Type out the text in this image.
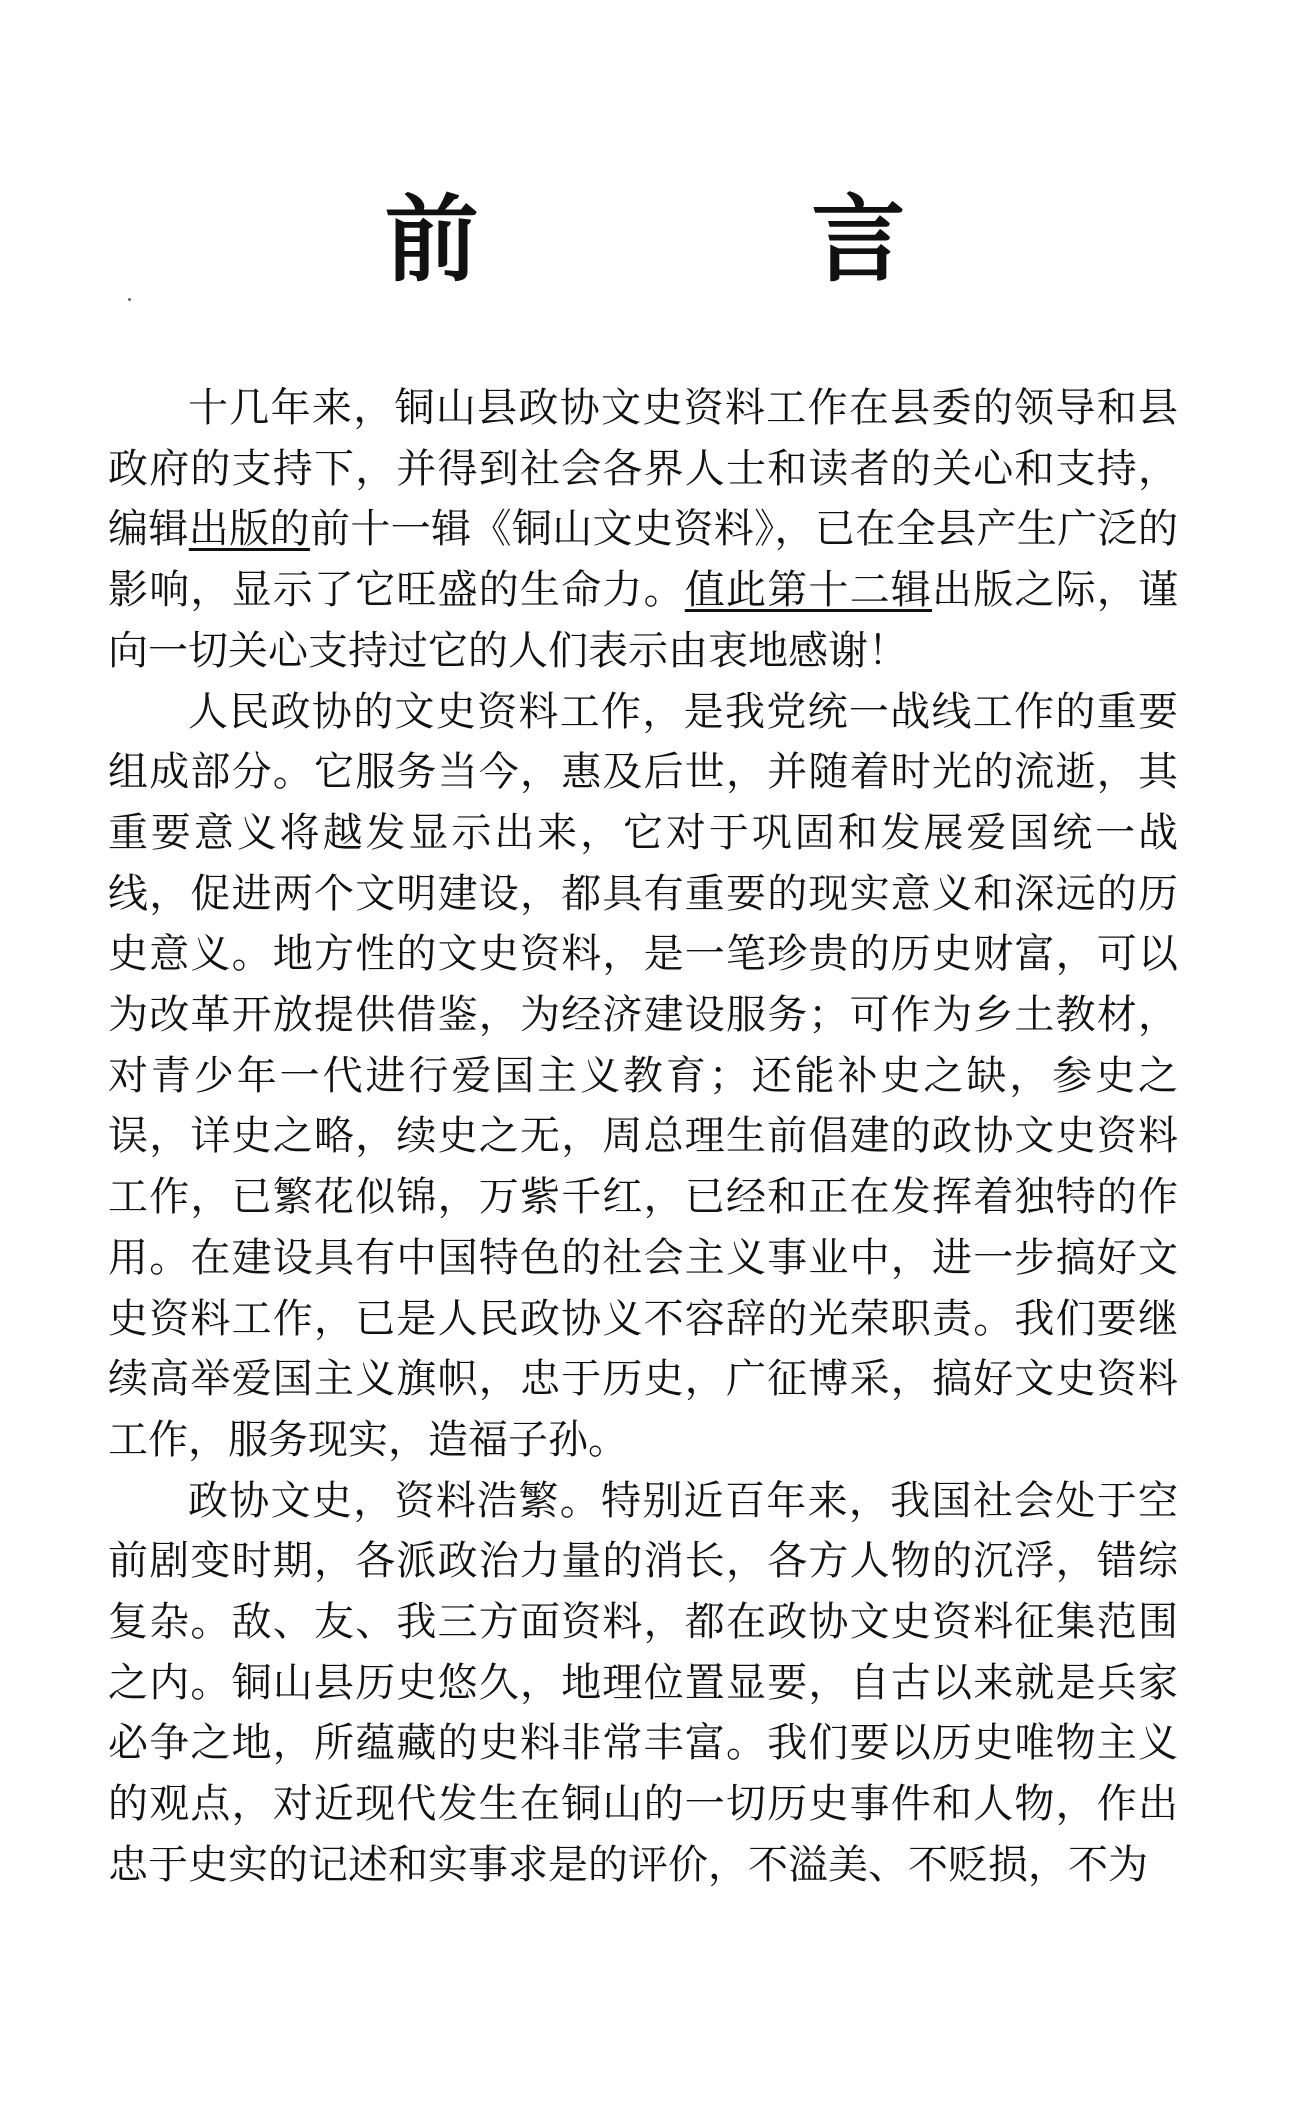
前 言

十几年来，铜山县政协文史资料工作在县委的领导和县政府的支持下，并得到社会各界人士和读者的关心和支持，编辑出版的前十一辑《铜山文史资料》，已在全县产生广泛的影响，显示了它旺盛的生命力。值此第十二辑出版之际，谨向一切关心支持过它的人们表示由衷地感谢！

人民政协的文史资料工作，是我党统一战线工作的重要组成部分。它服务当今，惠及后世，并随着时光的流逝，其重要意义将越发显示出来，它对于巩固和发展爱国统一战线，促进两个文明建设，都具有重要的现实意义和深远的历史意义。地方性的文史资料，是一笔珍贵的历史财富，可以为改革开放提供借鉴，为经济建设服务；可作为乡土教材，对青少年一代进行爱国主义教育；还能补史之缺，参史之误，详史之略，续史之无，周总理生前倡建的政协文史资料工作，已繁花似锦，万紫千红，已经和正在发挥着独特的作用。在建设具有中国特色的社会主义事业中，进一步搞好文史资料工作，已是人民政协义不容辞的光荣职责。我们要继续高举爱国主义旗帜，忠于历史，广征博采，搞好文史资料工作，服务现实，造福子孙。

政协文史，资料浩繁。特别近百年来，我国社会处于空前剧变时期，各派政治力量的消长，各方人物的沉浮，错综复杂。敌、友、我三方面资料，都在政协文史资料征集范围之内。铜山县历史悠久，地理位置显要，自古以来就是兵家必争之地，所蕴藏的史料非常丰富。我们要以历史唯物主义的观点，对近现代发生在铜山的一切历史事件和人物，作出忠于史实的记述和实事求是的评价，不溢美、不贬损，不为
